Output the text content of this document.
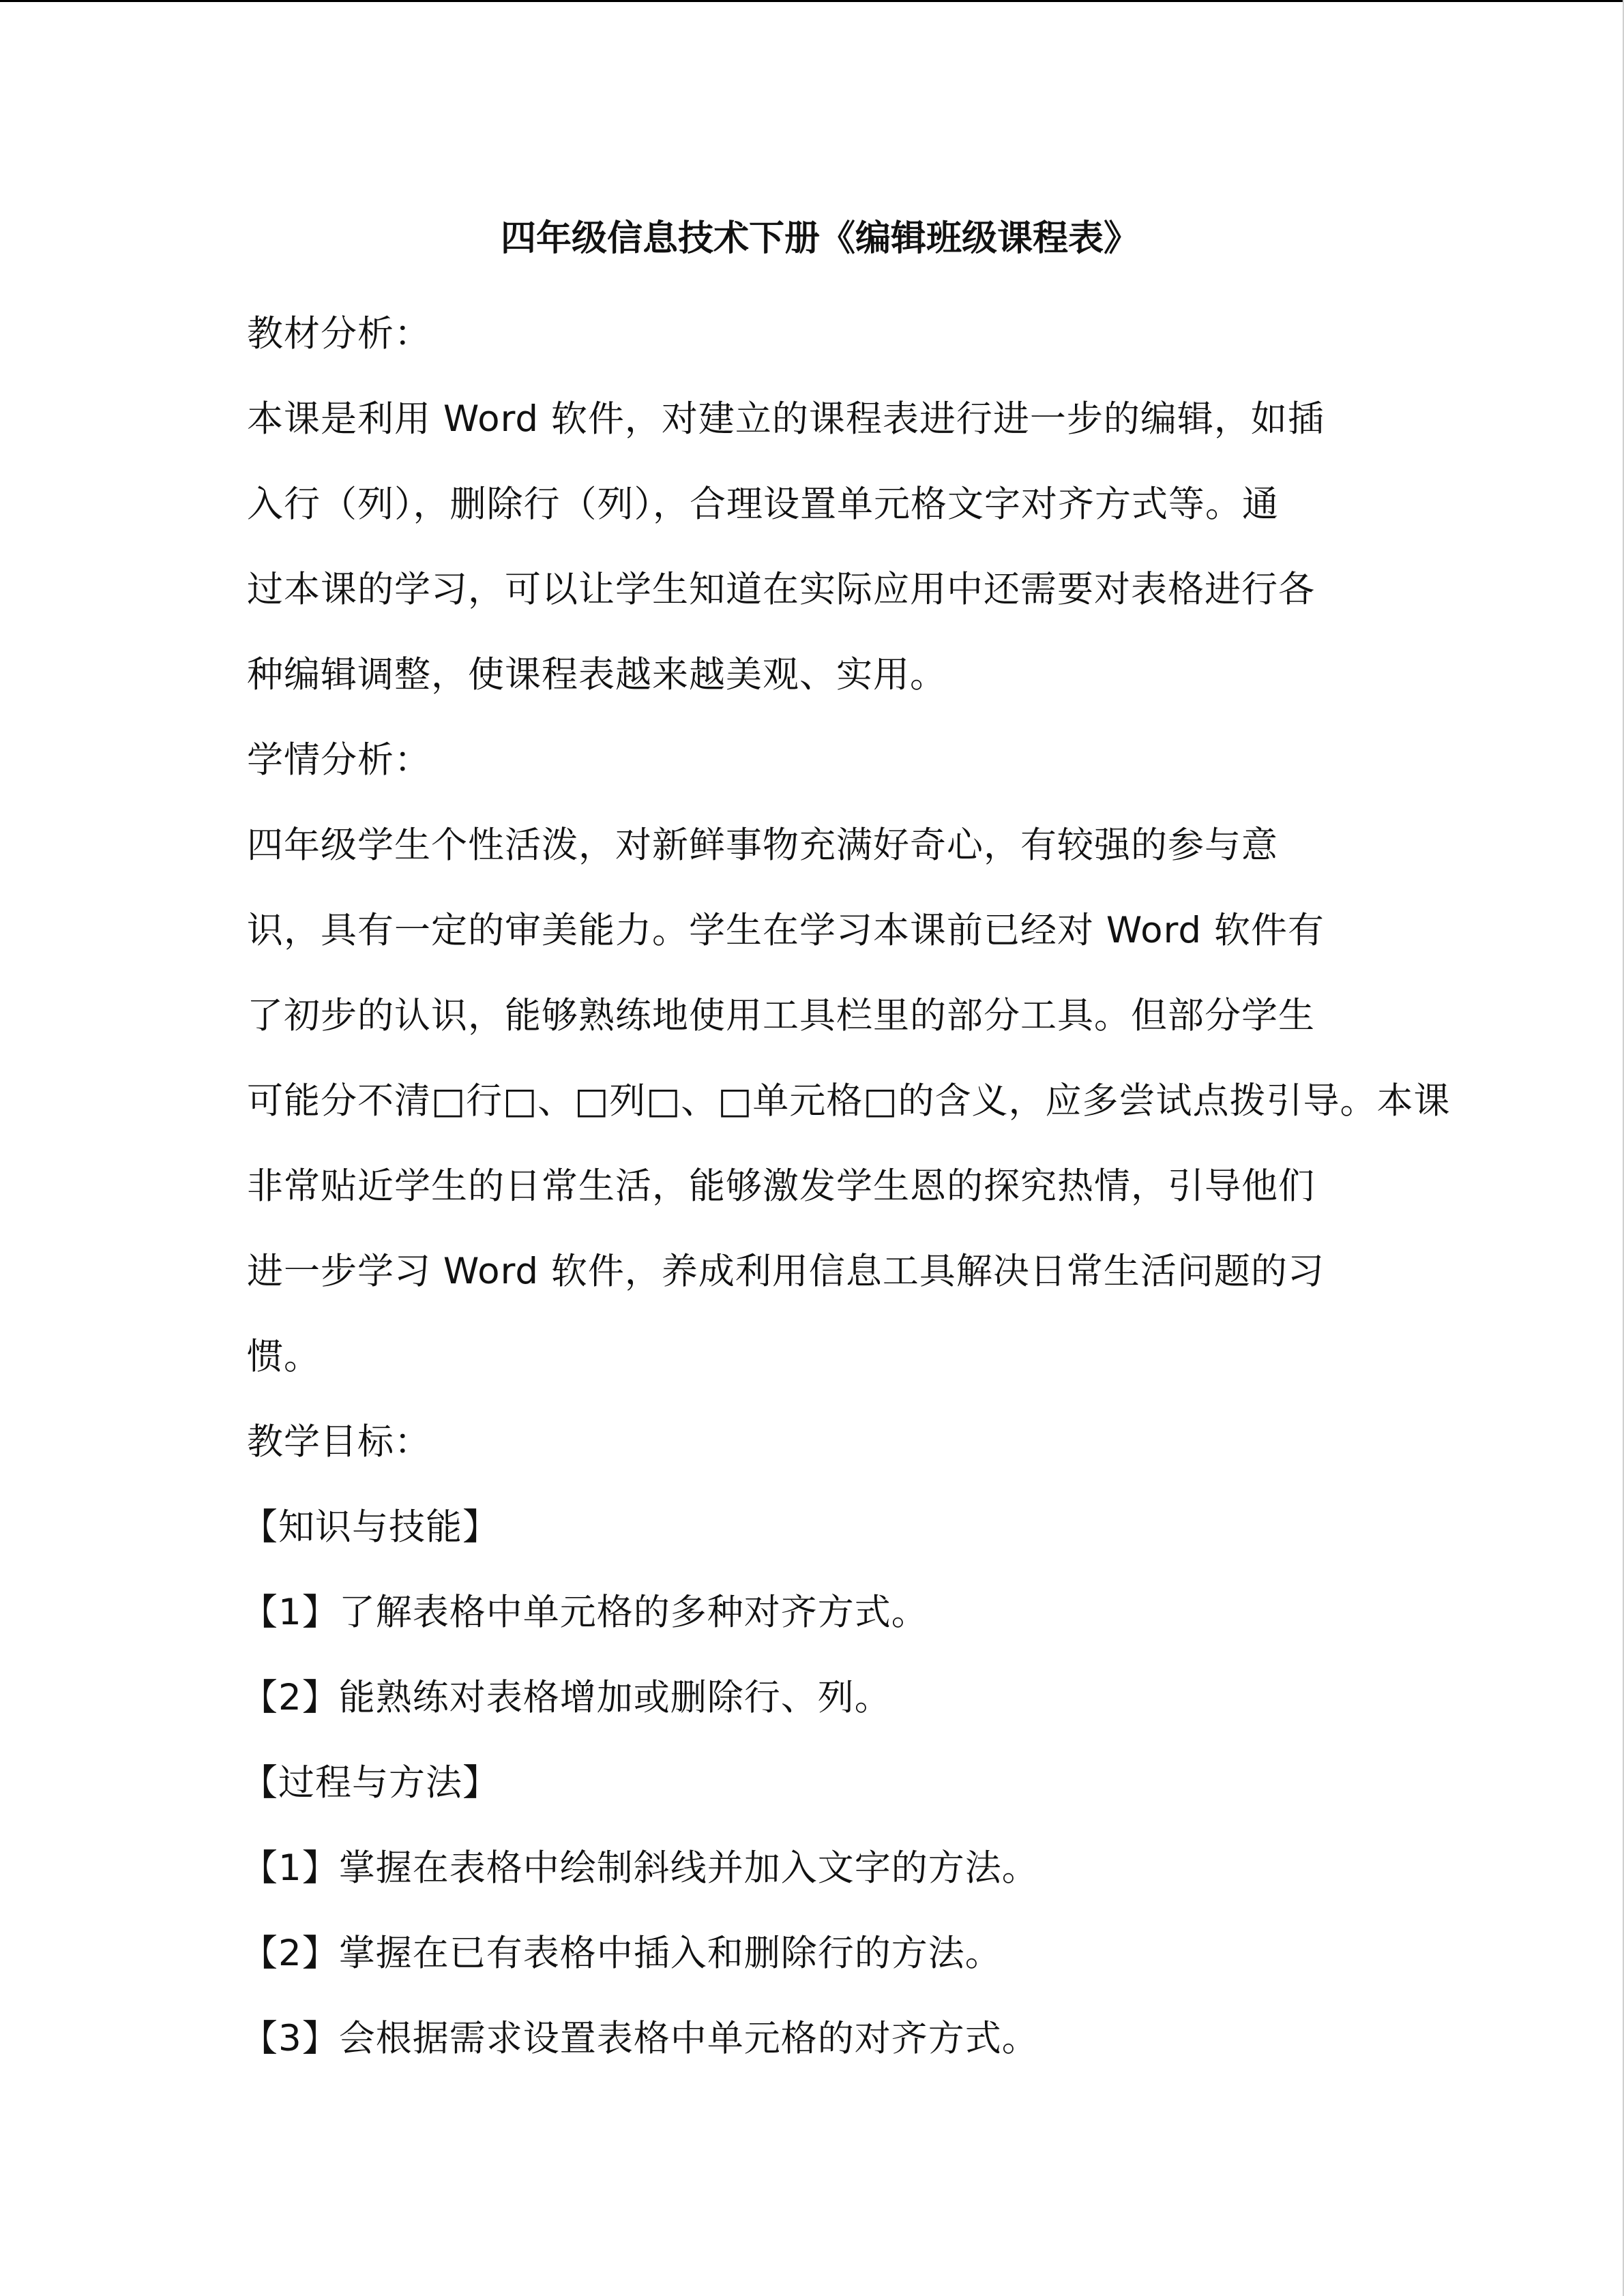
四年级信息技术下册《编辑班级课程表》

教材分析：

本课是利用 Word 软件，对建立的课程表进行进一步的编辑，如插

入行（列），删除行（列），合理设置单元格文字对齐方式等。通

过本课的学习，可以让学生知道在实际应用中还需要对表格进行各

种编辑调整，使课程表越来越美观、实用。

学情分析：

四年级学生个性活泼，对新鲜事物充满好奇心，有较强的参与意

识，具有一定的审美能力。学生在学习本课前已经对 Word 软件有

了初步的认识，能够熟练地使用工具栏里的部分工具。但部分学生

可能分不清□行□、□列□、□单元格□的含义，应多尝试点拨引导。本课

非常贴近学生的日常生活，能够激发学生恩的探究热情，引导他们

进一步学习 Word 软件，养成利用信息工具解决日常生活问题的习

惯。

教学目标：

【知识与技能】

【1】了解表格中单元格的多种对齐方式。

【2】能熟练对表格增加或删除行、列。

【过程与方法】

【1】掌握在表格中绘制斜线并加入文字的方法。

【2】掌握在已有表格中插入和删除行的方法。

【3】会根据需求设置表格中单元格的对齐方式。
